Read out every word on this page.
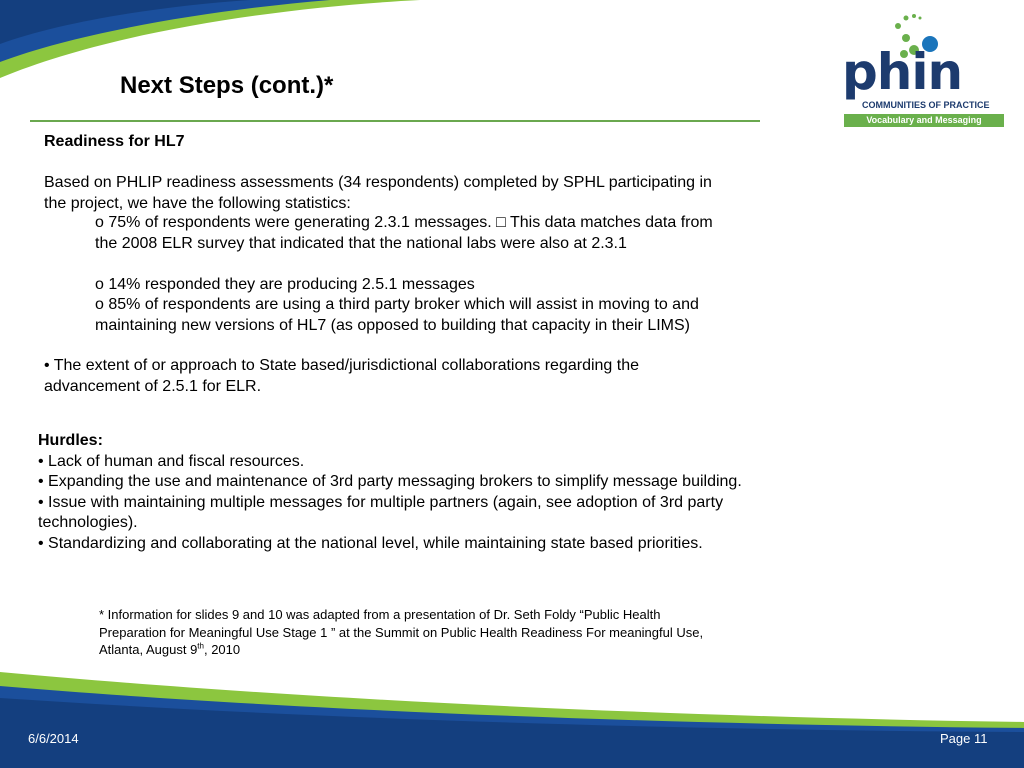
Next Steps (cont.)*	phin
COMMUNITIES OF PRACTICE
Vocabulary and Messaging
Readiness for HL7
Based on PHLIP readiness assessments (34 respondents) completed by SPHL participating in
the project, we have the following statistics:
o 75% of respondents were generating 2.3.1 messages. □ This data matches data from
the 2008 ELR survey that indicated that the national labs were also at 2.3.1
o 14% responded they are producing 2.5.1 messages
o 85% of respondents are using a third party broker which will assist in moving to and
maintaining new versions of HL7 (as opposed to building that capacity in their LIMS)
• The extent of or approach to State based/jurisdictional collaborations regarding the
advancement of 2.5.1 for ELR.
Hurdles:
• Lack of human and fiscal resources.
• Expanding the use and maintenance of 3rd party messaging brokers to simplify message building.
• Issue with maintaining multiple messages for multiple partners (again, see adoption of 3rd party
technologies).
• Standardizing and collaborating at the national level, while maintaining state based priorities.
* Information for slides 9 and 10 was adapted from a presentation of Dr. Seth Foldy “Public Health
Preparation for Meaningful Use Stage 1 ” at the Summit on Public Health Readiness For meaningful Use,
Atlanta, August 9th, 2010
6/6/2014	Page 11
